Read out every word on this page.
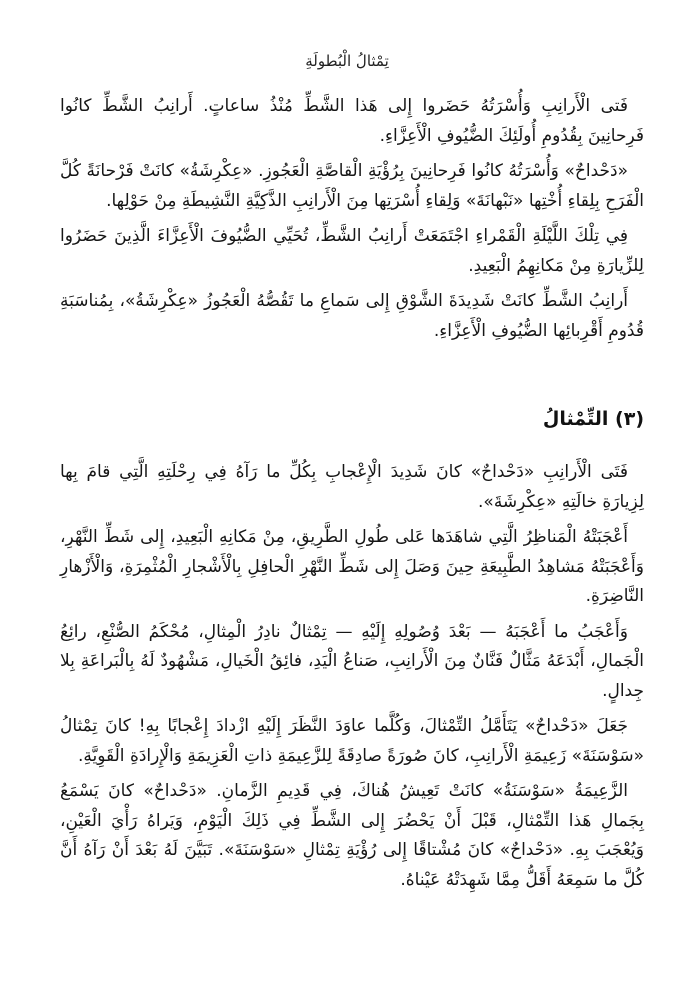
تِمْثالُ الْبُطولَةِ

فَتى الْأَرانِبِ وَأُسْرَتُهُ حَضَروا إِلى هَذا الشَّطِّ مُنْذُ ساعاتٍ. أَرانِبُ الشَّطِّ كانُوا فَرِحانِينَ بِقُدُومِ أُولَئِكَ الضُّيُوفِ الْأَعِزَّاءِ.

«دَحْداحٌ» وَأُسْرَتُهُ كانُوا فَرِحانِينَ بِرُؤْيَةِ الْقاصَّةِ الْعَجُوزِ. «عِكْرِشَةُ» كانَتْ فَرْحانَةً كُلَّ الْفَرَحِ بِلِقاءِ أُخْتِها «نَبْهانَةَ» وَلِقاءِ أُسْرَتِها مِنَ الْأَرانِبِ الذَّكِيَّةِ النَّشِيطَةِ مِنْ حَوْلِها.

فِي تِلْكَ اللَّيْلَةِ الْقَمْراءِ اجْتَمَعَتْ أَرانِبُ الشَّطِّ، تُحَيِّي الضُّيُوفَ الْأَعِزَّاءَ الَّذِينَ حَضَرُوا لِلزِّيارَةِ مِنْ مَكانِهِمُ الْبَعِيدِ.

أَرانِبُ الشَّطِّ كانَتْ شَدِيدَةَ الشَّوْقِ إِلى سَماعِ ما تَقُصُّهُ الْعَجُوزُ «عِكْرِشَةُ»، بِمُناسَبَةِ قُدُومِ أَقْرِبائِها الضُّيُوفِ الْأَعِزَّاءِ.

(٣) التِّمْثالُ

فَتَى الْأَرانِبِ «دَحْداحٌ» كانَ شَدِيدَ الْإِعْجابِ بِكُلِّ ما رَآهُ فِي رِحْلَتِهِ الَّتِي قامَ بِها لِزِيارَةِ خالَتِهِ «عِكْرِشَةَ».

أَعْجَبَتْهُ الْمَناظِرُ الَّتِي شاهَدَها عَلى طُولِ الطَّرِيقِ، مِنْ مَكانِهِ الْبَعِيدِ، إِلى شَطِّ النَّهْرِ، وَأَعْجَبَتْهُ مَشاهِدُ الطَّبِيعَةِ حِينَ وَصَلَ إِلى شَطِّ النَّهْرِ الْحافِلِ بِالْأَشْجارِ الْمُثْمِرَةِ، وَالْأَزْهارِ النَّاضِرَةِ.

وَأَعْجَبُ ما أَعْجَبَهُ — بَعْدَ وُصُولِهِ إِلَيْهِ — تِمْثالٌ نادِرُ الْمِثالِ، مُحْكَمُ الصُّنْعِ، رائِعُ الْجَمالِ، أَبْدَعَهُ مَثَّالٌ فَنَّانٌ مِنَ الْأَرانِبِ، صَناعُ الْيَدِ، فائِقُ الْخَيالِ، مَشْهُودٌ لَهُ بِالْبَراعَةِ بِلا جِدالٍ.

جَعَلَ «دَحْداحٌ» يَتَأَمَّلُ التِّمْثالَ، وَكُلَّما عاوَدَ النَّظَرَ إِلَيْهِ ازْدادَ إِعْجابًا بِهِ! كانَ تِمْثالُ «سَوْسَنَةَ» زَعِيمَةِ الْأَرانِبِ، كانَ صُورَةً صادِقَةً لِلزَّعِيمَةِ ذاتِ الْعَزِيمَةِ وَالْإِرادَةِ الْقَوِيَّةِ.

الزَّعِيمَةُ «سَوْسَنَةُ» كانَتْ تَعِيشُ هُناكَ، فِي قَدِيمِ الزَّمانِ. «دَحْداحٌ» كانَ يَسْمَعُ بِجَمالِ هَذا التِّمْثالِ، قَبْلَ أَنْ يَحْضُرَ إِلى الشَّطِّ فِي ذَلِكَ الْيَوْمِ، وَيَراهُ رَأْيَ الْعَيْنِ، وَيُعْجَبَ بِهِ. «دَحْداحٌ» كانَ مُشْتاقًا إِلى رُؤْيَةِ تِمْثالِ «سَوْسَنَةَ». تَبَيَّنَ لَهُ بَعْدَ أَنْ رَآهُ أَنَّ كُلَّ ما سَمِعَهُ أَقَلُّ مِمَّا شَهِدَتْهُ عَيْناهُ.
